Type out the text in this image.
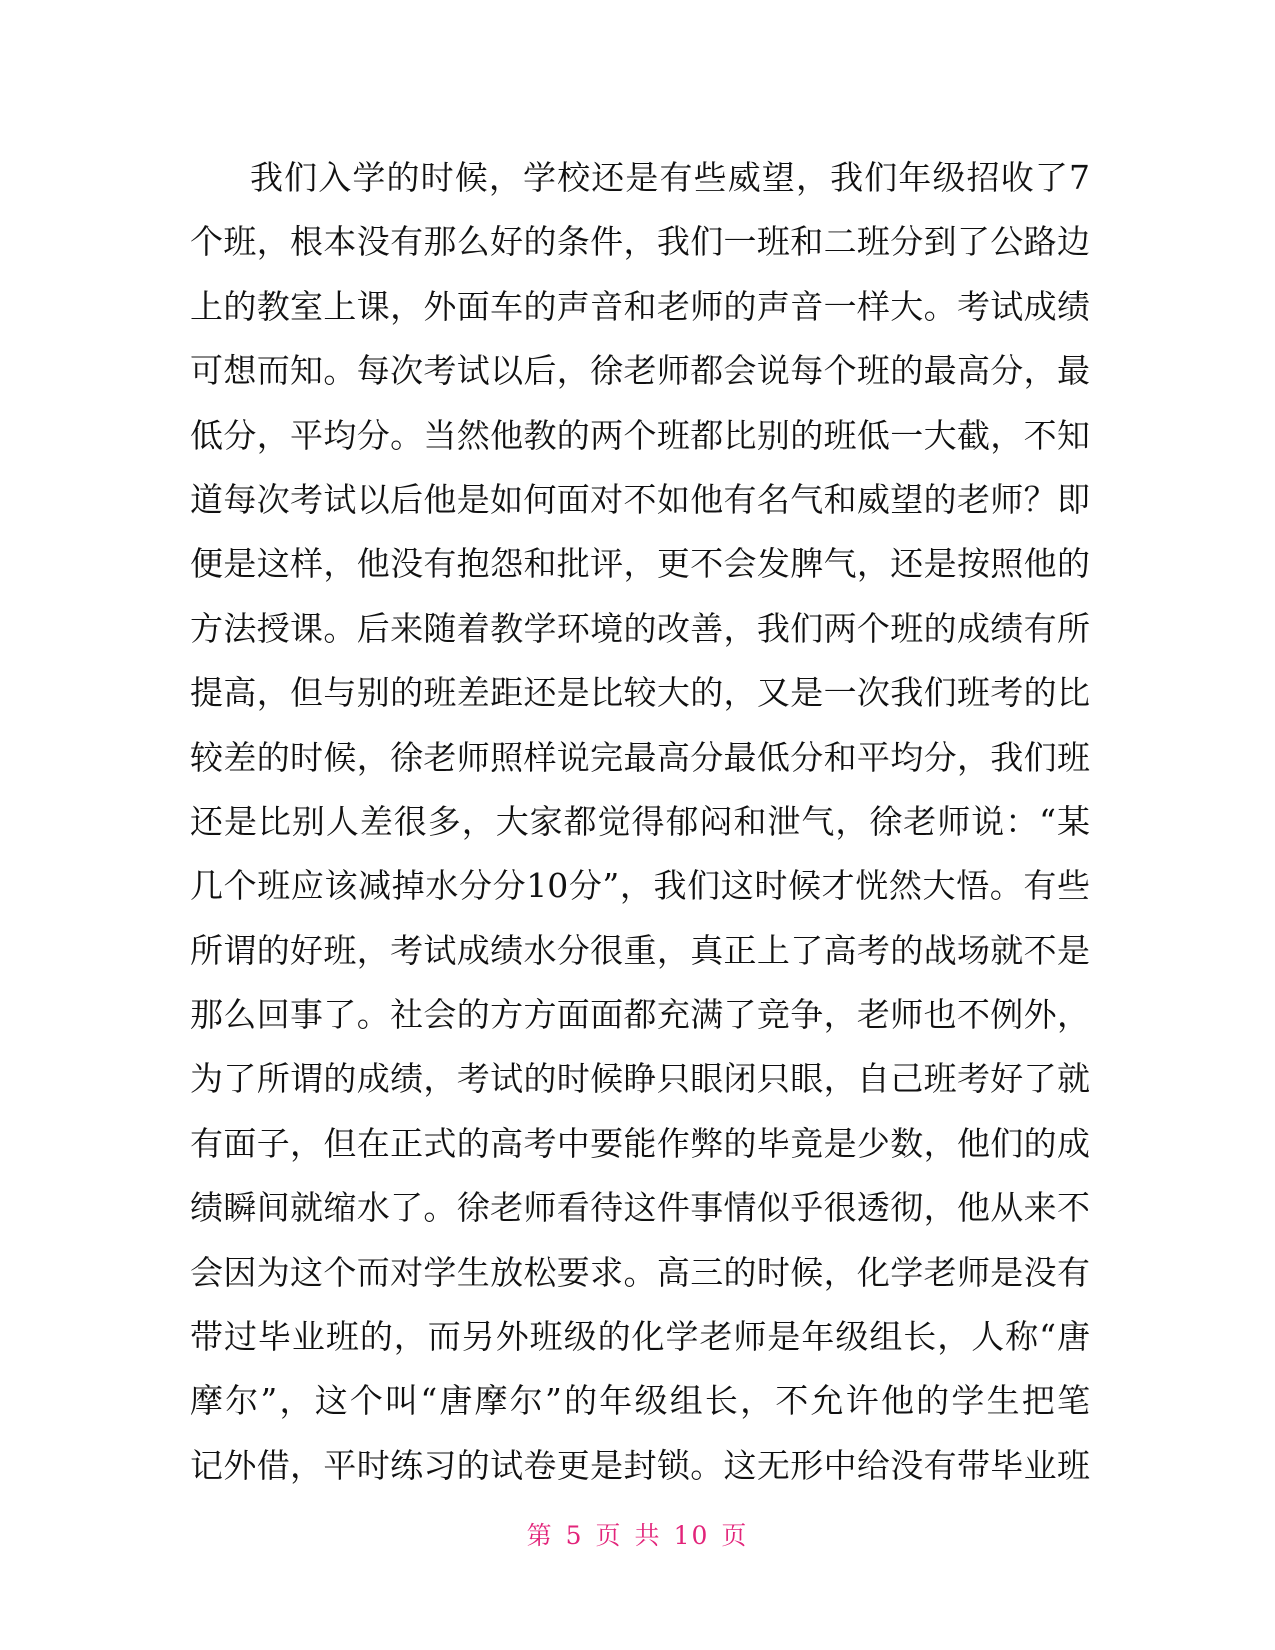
我们入学的时候，学校还是有些威望，我们年级招收了7
个班，根本没有那么好的条件，我们一班和二班分到了公路边
上的教室上课，外面车的声音和老师的声音一样大。考试成绩
可想而知。每次考试以后，徐老师都会说每个班的最高分，最
低分，平均分。当然他教的两个班都比别的班低一大截，不知
道每次考试以后他是如何面对不如他有名气和威望的老师？即
便是这样，他没有抱怨和批评，更不会发脾气，还是按照他的
方法授课。后来随着教学环境的改善，我们两个班的成绩有所
提高，但与别的班差距还是比较大的，又是一次我们班考的比
较差的时候，徐老师照样说完最高分最低分和平均分，我们班
还是比别人差很多，大家都觉得郁闷和泄气，徐老师说：“某
几个班应该减掉水分分10分”，我们这时候才恍然大悟。有些
所谓的好班，考试成绩水分很重，真正上了高考的战场就不是
那么回事了。社会的方方面面都充满了竞争，老师也不例外，
为了所谓的成绩，考试的时候睁只眼闭只眼，自己班考好了就
有面子，但在正式的高考中要能作弊的毕竟是少数，他们的成
绩瞬间就缩水了。徐老师看待这件事情似乎很透彻，他从来不
会因为这个而对学生放松要求。高三的时候，化学老师是没有
带过毕业班的，而另外班级的化学老师是年级组长，人称“唐
摩尔”，这个叫“唐摩尔”的年级组长，不允许他的学生把笔
记外借，平时练习的试卷更是封锁。这无形中给没有带毕业班
第 5 页 共 10 页
